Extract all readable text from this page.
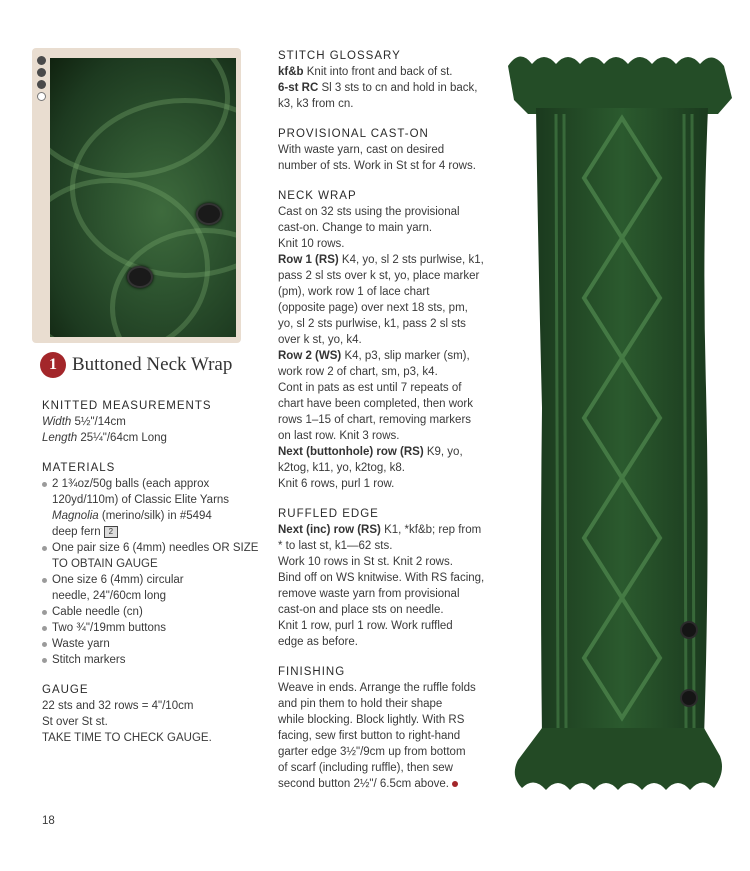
1 Buttoned Neck Wrap
KNITTED MEASUREMENTS
Width 5½"/14cm
Length 25¼"/64cm Long
MATERIALS
2 1¾oz/50g balls (each approx
120yd/110m) of Classic Elite Yarns
Magnolia (merino/silk) in #5494
deep fern 2
One pair size 6 (4mm) needles OR SIZE
TO OBTAIN GAUGE
One size 6 (4mm) circular
needle, 24"/60cm long
Cable needle (cn)
Two ¾"/19mm buttons
Waste yarn
Stitch markers
GAUGE
22 sts and 32 rows = 4"/10cm
St over St st.
TAKE TIME TO CHECK GAUGE.
STITCH GLOSSARY
kf&b Knit into front and back of st.
6-st RC Sl 3 sts to cn and hold in back,
k3, k3 from cn.
PROVISIONAL CAST-ON
With waste yarn, cast on desired
number of sts. Work in St st for 4 rows.
NECK WRAP
Cast on 32 sts using the provisional
cast-on. Change to main yarn.
Knit 10 rows.
Row 1 (RS) K4, yo, sl 2 sts purlwise, k1,
pass 2 sl sts over k st, yo, place marker
(pm), work row 1 of lace chart
(opposite page) over next 18 sts, pm,
yo, sl 2 sts purlwise, k1, pass 2 sl sts
over k st, yo, k4.
Row 2 (WS) K4, p3, slip marker (sm),
work row 2 of chart, sm, p3, k4.
Cont in pats as est until 7 repeats of
chart have been completed, then work
rows 1–15 of chart, removing markers
on last row. Knit 3 rows.
Next (buttonhole) row (RS) K9, yo,
k2tog, k11, yo, k2tog, k8.
Knit 6 rows, purl 1 row.
RUFFLED EDGE
Next (inc) row (RS) K1, *kf&b; rep from
* to last st, k1—62 sts.
Work 10 rows in St st. Knit 2 rows.
Bind off on WS knitwise. With RS facing,
remove waste yarn from provisional
cast-on and place sts on needle.
Knit 1 row, purl 1 row. Work ruffled
edge as before.
FINISHING
Weave in ends. Arrange the ruffle folds
and pin them to hold their shape
while blocking. Block lightly. With RS
facing, sew first button to right-hand
garter edge 3½"/9cm up from bottom
of scarf (including ruffle), then sew
second button 2½"/ 6.5cm above.
18
